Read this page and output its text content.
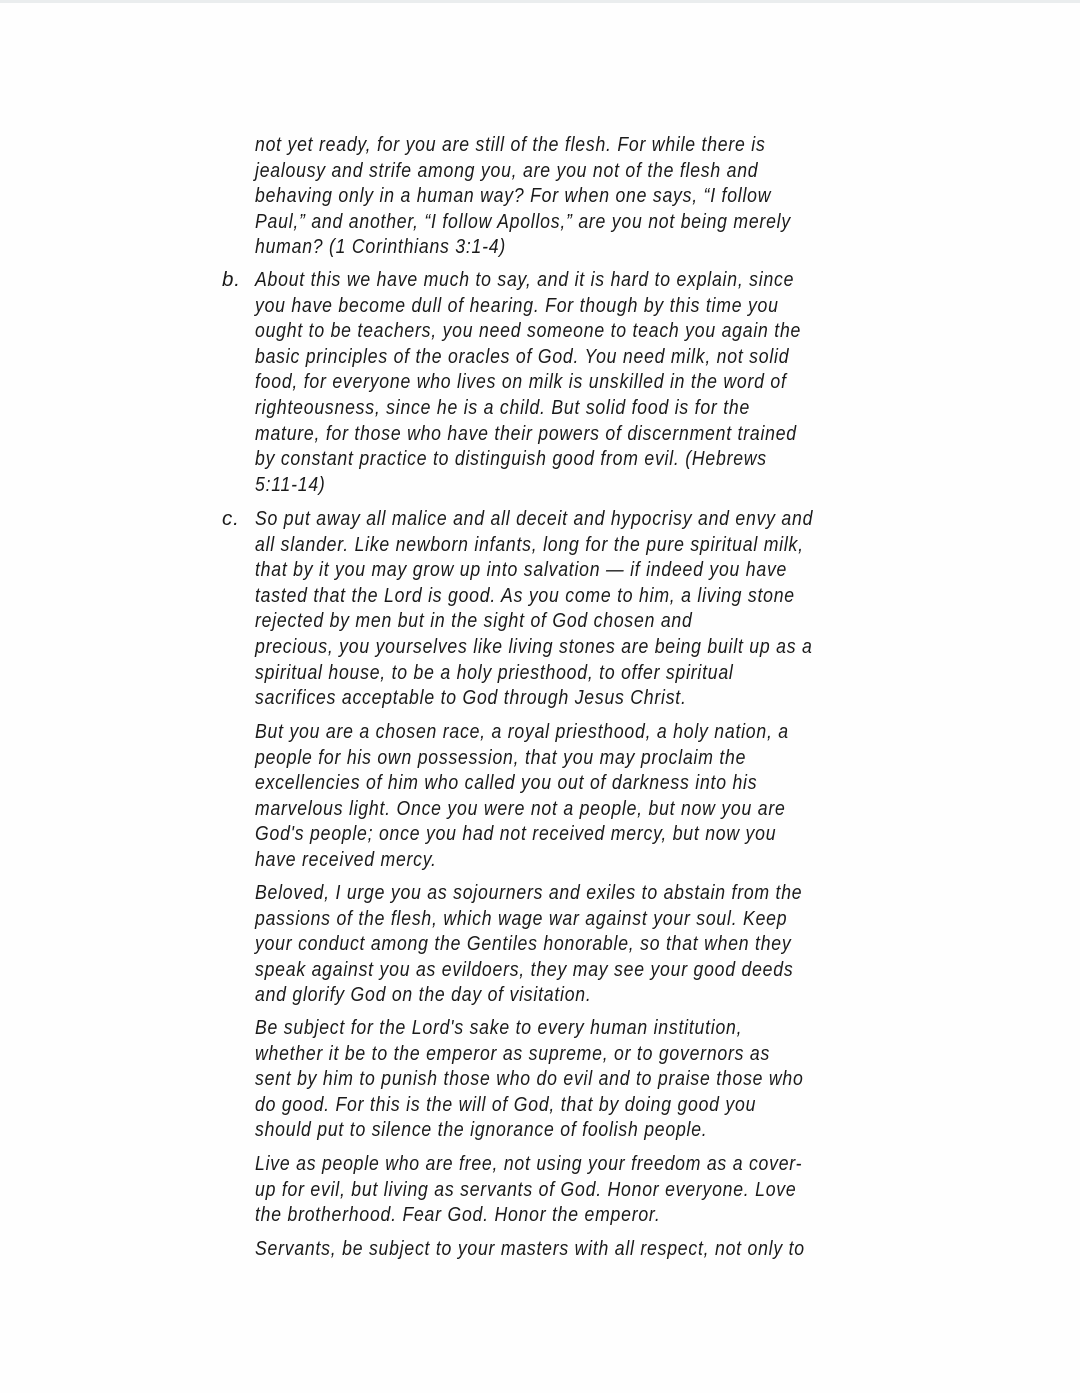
not yet ready, for you are still of the flesh. For while there is
jealousy and strife among you, are you not of the flesh and
behaving only in a human way? For when one says, “I follow
Paul,” and another, “I follow Apollos,” are you not being merely
human? (1 Corinthians 3:1-4)
b. About this we have much to say, and it is hard to explain, since
you have become dull of hearing. For though by this time you
ought to be teachers, you need someone to teach you again the
basic principles of the oracles of God. You need milk, not solid
food, for everyone who lives on milk is unskilled in the word of
righteousness, since he is a child. But solid food is for the
mature, for those who have their powers of discernment trained
by constant practice to distinguish good from evil. (Hebrews
5:11-14)
c. So put away all malice and all deceit and hypocrisy and envy and
all slander. Like newborn infants, long for the pure spiritual milk,
that by it you may grow up into salvation — if indeed you have
tasted that the Lord is good. As you come to him, a living stone
rejected by men but in the sight of God chosen and
precious, you yourselves like living stones are being built up as a
spiritual house, to be a holy priesthood, to offer spiritual
sacrifices acceptable to God through Jesus Christ.
But you are a chosen race, a royal priesthood, a holy nation, a
people for his own possession, that you may proclaim the
excellencies of him who called you out of darkness into his
marvelous light. Once you were not a people, but now you are
God's people; once you had not received mercy, but now you
have received mercy.
Beloved, I urge you as sojourners and exiles to abstain from the
passions of the flesh, which wage war against your soul. Keep
your conduct among the Gentiles honorable, so that when they
speak against you as evildoers, they may see your good deeds
and glorify God on the day of visitation.
Be subject for the Lord's sake to every human institution,
whether it be to the emperor as supreme, or to governors as
sent by him to punish those who do evil and to praise those who
do good. For this is the will of God, that by doing good you
should put to silence the ignorance of foolish people.
Live as people who are free, not using your freedom as a cover-
up for evil, but living as servants of God. Honor everyone. Love
the brotherhood. Fear God. Honor the emperor.
Servants, be subject to your masters with all respect, not only to
